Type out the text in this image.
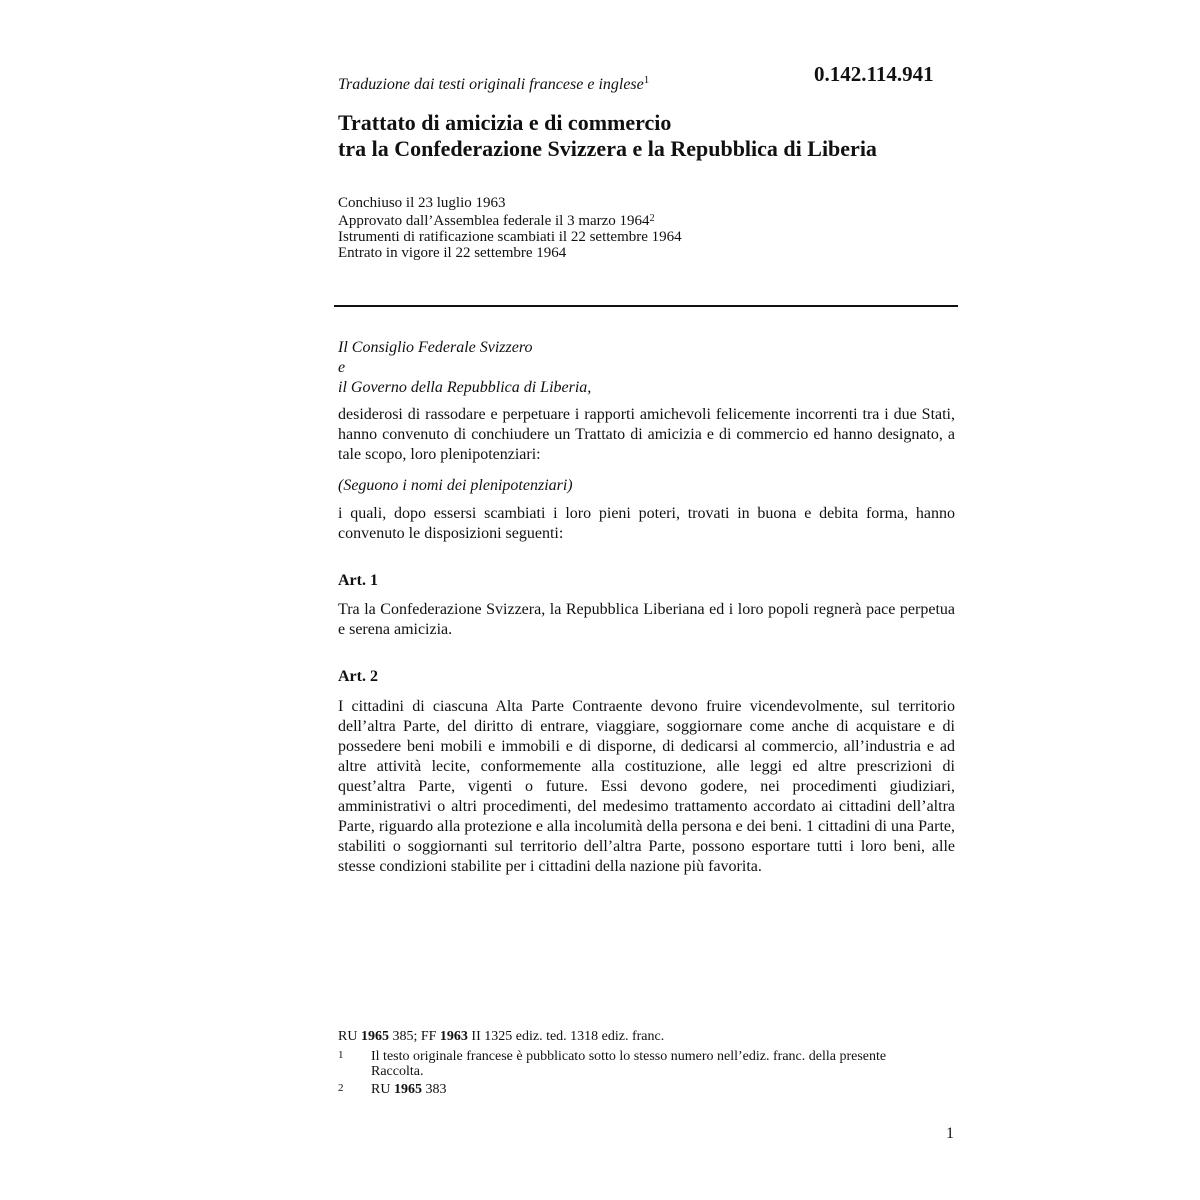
Traduzione dai testi originali francese e inglese$^1$	0.142.114.941
Trattato di amicizia e di commercio
tra la Confederazione Svizzera e la Repubblica di Liberia
Conchiuso il 23 luglio 1963
Approvato dall’Assemblea federale il 3 marzo 1964$^2$
Istrumenti di ratificazione scambiati il 22 settembre 1964
Entrato in vigore il 22 settembre 1964
Il Consiglio Federale Svizzero
e
il Governo della Repubblica di Liberia,

desiderosi di rassodare e perpetuare i rapporti amichevoli felicemente incorrenti tra i due Stati, hanno convenuto di conchiudere un Trattato di amicizia e di commercio ed hanno designato, a tale scopo, loro plenipotenziari:

(Seguono i nomi dei plenipotenziari)

i quali, dopo essersi scambiati i loro pieni poteri, trovati in buona e debita forma, hanno convenuto le disposizioni seguenti:

Art. 1

Tra la Confederazione Svizzera, la Repubblica Liberiana ed i loro popoli regnerà pace perpetua e serena amicizia.

Art. 2

I cittadini di ciascuna Alta Parte Contraente devono fruire vicendevolmente, sul territorio dell’altra Parte, del diritto di entrare, viaggiare, soggiornare come anche di acquistare e di possedere beni mobili e immobili e di disporne, di dedicarsi al commercio, all’industria e ad altre attività lecite, conformemente alla costituzione, alle leggi ed altre prescrizioni di quest’altra Parte, vigenti o future. Essi devono godere, nei procedimenti giudiziari, amministrativi o altri procedimenti, del medesimo trattamento accordato ai cittadini dell’altra Parte, riguardo alla protezione e alla incolumità della persona e dei beni. 1 cittadini di una Parte, stabiliti o soggiornanti sul territorio dell’altra Parte, possono esportare tutti i loro beni, alle stesse condizioni stabilite per i cittadini della nazione più favorita.

RU 1965 385; FF 1963 II 1325 ediz. ted. 1318 ediz. franc.
1 Il testo originale francese è pubblicato sotto lo stesso numero nell’ediz. franc. della presente Raccolta.
2 RU 1965 383
1
